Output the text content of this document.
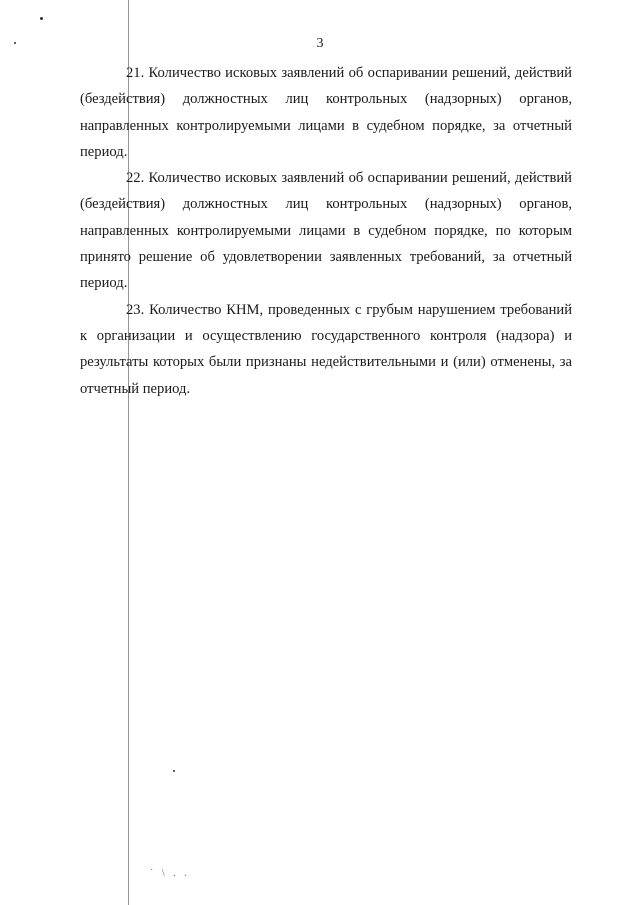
3

21. Количество исковых заявлений об оспаривании решений, действий (бездействия) должностных лиц контрольных (надзорных) органов, направленных контролируемыми лицами в судебном порядке, за отчетный период.

22. Количество исковых заявлений об оспаривании решений, действий (бездействия) должностных лиц контрольных (надзорных) органов, направленных контролируемыми лицами в судебном порядке, по которым принято решение об удовлетворении заявленных требований, за отчетный период.

23. Количество КНМ, проведенных с грубым нарушением требований к организации и осуществлению государственного контроля (надзора) и результаты которых были признаны недействительными и (или) отменены, за отчетный период.

˙ \ . .
